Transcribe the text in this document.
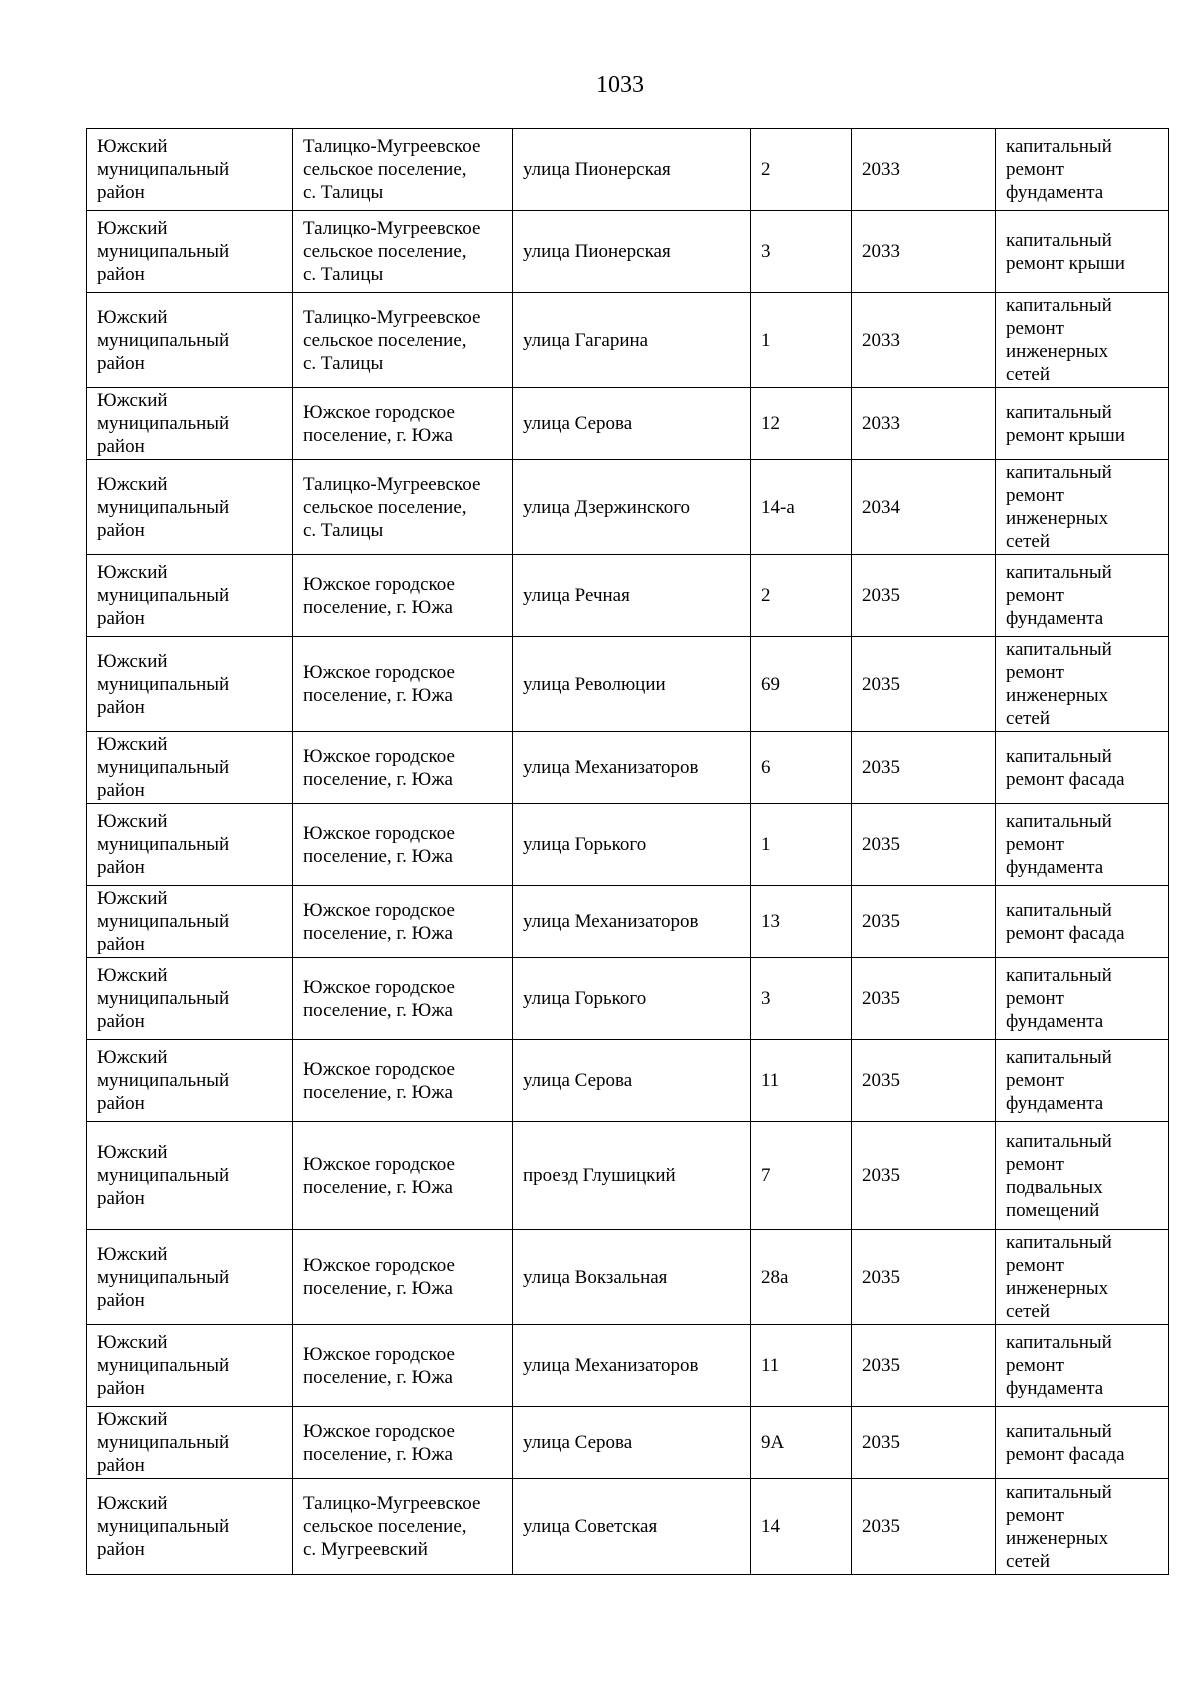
1033
Южский
муниципальный
район	Талицко-Мугреевское
сельское поселение,
с. Талицы	улица Пионерская	2	2033	капитальный
ремонт
фундамента
Южский
муниципальный
район	Талицко-Мугреевское
сельское поселение,
с. Талицы	улица Пионерская	3	2033	капитальный
ремонт крыши
Южский
муниципальный
район	Талицко-Мугреевское
сельское поселение,
с. Талицы	улица Гагарина	1	2033	капитальный
ремонт
инженерных
сетей
Южский
муниципальный
район	Южское городское
поселение, г. Южа	улица Серова	12	2033	капитальный
ремонт крыши
Южский
муниципальный
район	Талицко-Мугреевское
сельское поселение,
с. Талицы	улица Дзержинского	14-а	2034	капитальный
ремонт
инженерных
сетей
Южский
муниципальный
район	Южское городское
поселение, г. Южа	улица Речная	2	2035	капитальный
ремонт
фундамента
Южский
муниципальный
район	Южское городское
поселение, г. Южа	улица Революции	69	2035	капитальный
ремонт
инженерных
сетей
Южский
муниципальный
район	Южское городское
поселение, г. Южа	улица Механизаторов	6	2035	капитальный
ремонт фасада
Южский
муниципальный
район	Южское городское
поселение, г. Южа	улица Горького	1	2035	капитальный
ремонт
фундамента
Южский
муниципальный
район	Южское городское
поселение, г. Южа	улица Механизаторов	13	2035	капитальный
ремонт фасада
Южский
муниципальный
район	Южское городское
поселение, г. Южа	улица Горького	3	2035	капитальный
ремонт
фундамента
Южский
муниципальный
район	Южское городское
поселение, г. Южа	улица Серова	11	2035	капитальный
ремонт
фундамента
Южский
муниципальный
район	Южское городское
поселение, г. Южа	проезд Глушицкий	7	2035	капитальный
ремонт
подвальных
помещений
Южский
муниципальный
район	Южское городское
поселение, г. Южа	улица Вокзальная	28а	2035	капитальный
ремонт
инженерных
сетей
Южский
муниципальный
район	Южское городское
поселение, г. Южа	улица Механизаторов	11	2035	капитальный
ремонт
фундамента
Южский
муниципальный
район	Южское городское
поселение, г. Южа	улица Серова	9А	2035	капитальный
ремонт фасада
Южский
муниципальный
район	Талицко-Мугреевское
сельское поселение,
с. Мугреевский	улица Советская	14	2035	капитальный
ремонт
инженерных
сетей
